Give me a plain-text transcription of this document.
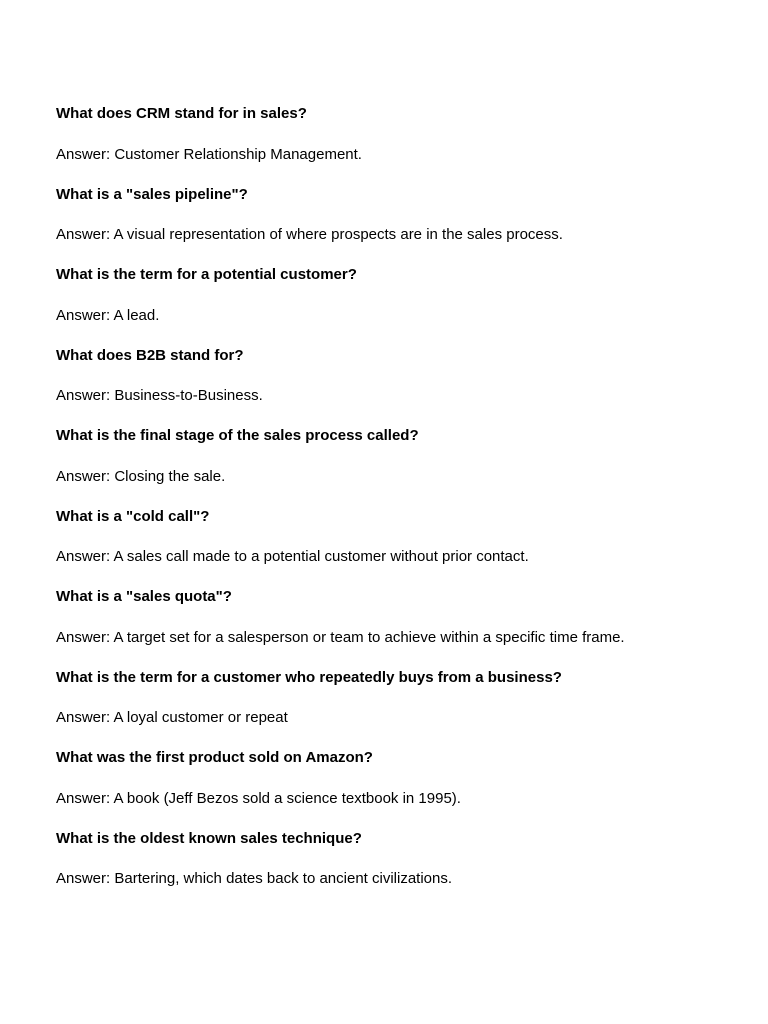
What does CRM stand for in sales?

Answer: Customer Relationship Management.

What is a "sales pipeline"?

Answer: A visual representation of where prospects are in the sales process.

What is the term for a potential customer?

Answer: A lead.

What does B2B stand for?

Answer: Business-to-Business.

What is the final stage of the sales process called?

Answer: Closing the sale.

What is a "cold call"?

Answer: A sales call made to a potential customer without prior contact.

What is a "sales quota"?

Answer: A target set for a salesperson or team to achieve within a specific time frame.

What is the term for a customer who repeatedly buys from a business?

Answer: A loyal customer or repeat

What was the first product sold on Amazon?

Answer: A book (Jeff Bezos sold a science textbook in 1995).

What is the oldest known sales technique?

Answer: Bartering, which dates back to ancient civilizations.
